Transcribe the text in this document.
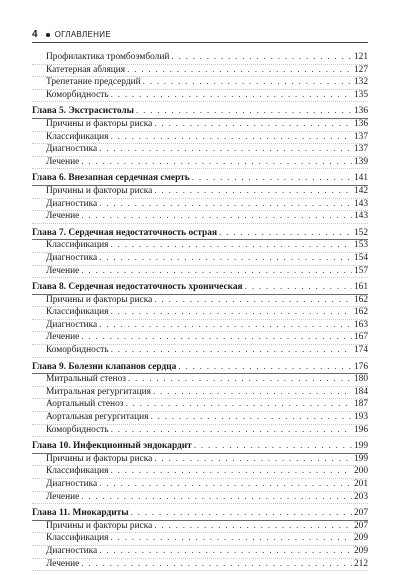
4 ОГЛАВЛЕНИЕ
Профилактика тромбоэмболий . . .	121
Катетерная абляция . . .	127
Трепетание предсердий . . .	132
Коморбидность . . .	135
Глава 5. Экстрасистолы . . .	136
Причины и факторы риска . . .	136
Классификация . . .	137
Диагностика . . .	137
Лечение . . .	139
Глава 6. Внезапная сердечная смерть . . .	141
Причины и факторы риска . . .	142
Диагностика . . .	143
Лечение . . .	143
Глава 7. Сердечная недостаточность острая . . .	152
Классификация . . .	153
Диагностика . . .	154
Лечение . . .	157
Глава 8. Сердечная недостаточность хроническая . . .	161
Причины и факторы риска . . .	162
Классификация . . .	162
Диагностика . . .	163
Лечение . . .	167
Коморбидность . . .	174
Глава 9. Болезни клапанов сердца . . .	176
Митральный стеноз . . .	180
Митральная регургитация . . .	184
Аортальный стеноз . . .	187
Аортальная регургитация . . .	193
Коморбидность . . .	196
Глава 10. Инфекционный эндокардит . . .	199
Причины и факторы риска . . .	199
Классификация . . .	200
Диагностика . . .	201
Лечение . . .	203
Глава 11. Миокардиты . . .	207
Причины и факторы риска . . .	207
Классификация . . .	209
Диагностика . . .	209
Лечение . . .	212
